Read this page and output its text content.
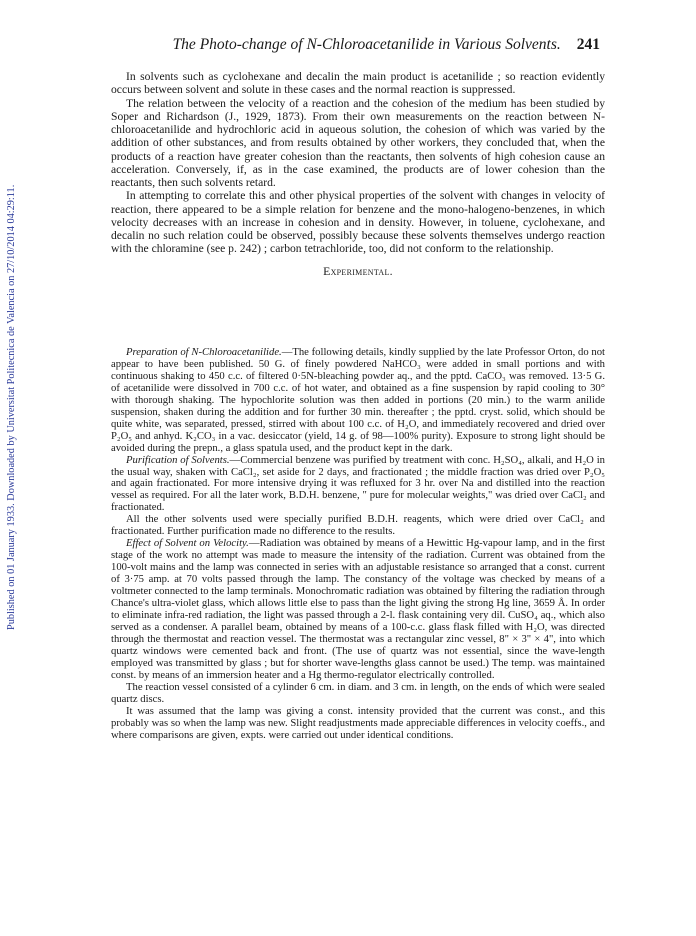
Published on 01 January 1933. Downloaded by Universitat Politecnica de Valencia on 27/10/2014 04:29:11.
The Photo-change of N-Chloroacetanilide in Various Solvents. 241

In solvents such as cyclohexane and decalin the main product is acetanilide ; so reaction evidently occurs between solvent and solute in these cases and the normal reaction is suppressed.

The relation between the velocity of a reaction and the cohesion of the medium has been studied by Soper and Richardson (J., 1929, 1873). From their own measurements on the reaction between N-chloroacetanilide and hydrochloric acid in aqueous solution, the cohesion of which was varied by the addition of other substances, and from results obtained by other workers, they concluded that, when the products of a reaction have greater cohesion than the reactants, then solvents of high cohesion cause an acceleration. Conversely, if, as in the case examined, the products are of lower cohesion than the reactants, then such solvents retard.

In attempting to correlate this and other physical properties of the solvent with changes in velocity of reaction, there appeared to be a simple relation for benzene and the mono-halogeno-benzenes, in which velocity decreases with an increase in cohesion and in density. However, in toluene, cyclohexane, and decalin no such relation could be observed, possibly because these solvents themselves undergo reaction with the chloramine (see p. 242) ; carbon tetrachloride, too, did not conform to the relationship.

Experimental.

Preparation of N-Chloroacetanilide.—The following details, kindly supplied by the late Professor Orton, do not appear to have been published. 50 G. of finely powdered NaHCO₃ were added in small portions and with continuous shaking to 450 c.c. of filtered 0·5N-bleaching powder aq., and the pptd. CaCO₃ was removed. 13·5 G. of acetanilide were dissolved in 700 c.c. of hot water, and obtained as a fine suspension by rapid cooling to 30° with thorough shaking. The hypochlorite solution was then added in portions (20 min.) to the warm anilide suspension, shaken during the addition and for further 30 min. thereafter ; the pptd. cryst. solid, which should be quite white, was separated, pressed, stirred with about 100 c.c. of H₂O, and immediately recovered and dried over P₂O₅ and anhyd. K₂CO₃ in a vac. desiccator (yield, 14 g. of 98—100% purity). Exposure to strong light should be avoided during the prepn., a glass spatula used, and the product kept in the dark.

Purification of Solvents.—Commercial benzene was purified by treatment with conc. H₂SO₄, alkali, and H₂O in the usual way, shaken with CaCl₂, set aside for 2 days, and fractionated ; the middle fraction was dried over P₂O₅ and again fractionated. For more intensive drying it was refluxed for 3 hr. over Na and distilled into the reaction vessel as required. For all the later work, B.D.H. benzene, " pure for molecular weights," was dried over CaCl₂ and fractionated.

All the other solvents used were specially purified B.D.H. reagents, which were dried over CaCl₂ and fractionated. Further purification made no difference to the results.

Effect of Solvent on Velocity.—Radiation was obtained by means of a Hewittic Hg-vapour lamp, and in the first stage of the work no attempt was made to measure the intensity of the radiation. Current was obtained from the 100-volt mains and the lamp was connected in series with an adjustable resistance so arranged that a const. current of 3·75 amp. at 70 volts passed through the lamp. The constancy of the voltage was checked by means of a voltmeter connected to the lamp terminals. Monochromatic radiation was obtained by filtering the radiation through Chance's ultra-violet glass, which allows little else to pass than the light giving the strong Hg line, 3659 Å. In order to eliminate infra-red radiation, the light was passed through a 2-l. flask containing very dil. CuSO₄ aq., which also served as a condenser. A parallel beam, obtained by means of a 100-c.c. glass flask filled with H₂O, was directed through the thermostat and reaction vessel. The thermostat was a rectangular zinc vessel, 8" × 3" × 4", into which quartz windows were cemented back and front. (The use of quartz was not essential, since the wave-length employed was transmitted by glass ; but for shorter wave-lengths glass cannot be used.) The temp. was maintained const. by means of an immersion heater and a Hg thermo-regulator electrically controlled.

The reaction vessel consisted of a cylinder 6 cm. in diam. and 3 cm. in length, on the ends of which were sealed quartz discs.

It was assumed that the lamp was giving a const. intensity provided that the current was const., and this probably was so when the lamp was new. Slight readjustments made appreciable differences in velocity coeffs., and where comparisons are given, expts. were carried out under identical conditions.
